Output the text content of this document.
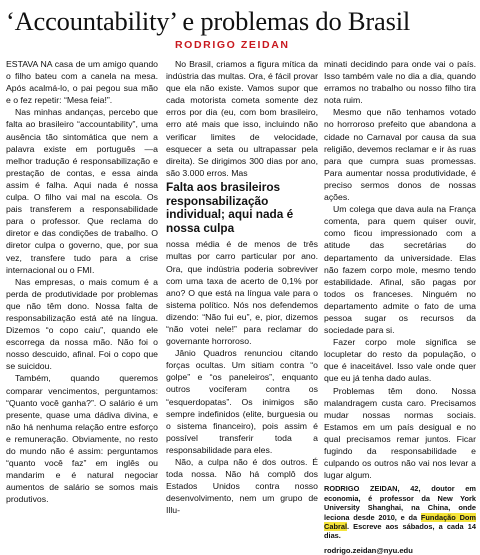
‘Accountability’ e problemas do Brasil
RODRIGO ZEIDAN

ESTAVA NA casa de um amigo quando o filho bateu com a canela na mesa. Após acalmá-lo, o pai pegou sua mão e o fez repetir: “Mesa feia!”.

Nas minhas andanças, percebo que falta ao brasileiro “accountability”, uma ausência tão sintomática que nem a palavra existe em português —a melhor tradução é responsabilização e prestação de contas, e essa ainda assim é falha. Aqui nada é nossa culpa. O filho vai mal na escola. Os pais transferem a responsabilidade para o professor. Que reclama do diretor e das condições de trabalho. O diretor culpa o governo, que, por sua vez, transfere tudo para a crise internacional ou o FMI.

Nas empresas, o mais comum é a perda de produtividade por problemas que não têm dono. Nossa falta de responsabilização está até na língua. Dizemos “o copo caiu”, quando ele escorrega da nossa mão. Não foi o nosso descuido, afinal. Foi o copo que se suicidou.

Também, quando queremos comparar vencimentos, perguntamos: “Quanto você ganha?”. O salário é um presente, quase uma dádiva divina, e não há nenhuma relação entre esforço e remuneração. Obviamente, no resto do mundo não é assim: perguntamos “quanto você faz” em inglês ou mandarim e é natural negociar aumentos de salário se somos mais produtivos.

No Brasil, criamos a figura mítica da indústria das multas. Ora, é fácil provar que ela não existe. Vamos supor que cada motorista cometa somente dez erros por dia (eu, com bom brasileiro, erro até mais que isso, incluindo não verificar limites de velocidade, esquecer a seta ou ultrapassar pela direita). Se dirigimos 300 dias por ano, são 3.000 erros. Mas

Falta aos brasileiros responsabilização individual; aqui nada é nossa culpa

nossa média é de menos de três multas por carro particular por ano. Ora, que indústria poderia sobreviver com uma taxa de acerto de 0,1% por ano? O que está na língua vale para o sistema político. Nós nos defendemos dizendo: “Não fui eu”, e, pior, dizemos “não votei nele!” para reclamar do governante horroroso.

Jânio Quadros renunciou citando forças ocultas. Um sitiam contra “o golpe” e “os paneleiros”, enquanto outros vociferam contra os “esquerdopatas”. Os inimigos são sempre indefinidos (elite, burguesia ou o sistema financeiro), pois assim é possível transferir toda a responsabilidade para eles.

Não, a culpa não é dos outros. É toda nossa. Não há complô dos Estados Unidos contra nosso desenvolvimento, nem um grupo de Illu-

minati decidindo para onde vai o país. Isso também vale no dia a dia, quando erramos no trabalho ou nosso filho tira nota ruim.

Mesmo que não tenhamos votado no horroroso prefeito que abandona a cidade no Carnaval por causa da sua religião, devemos reclamar e ir às ruas para que cumpra suas promessas. Para aumentar nossa produtividade, é preciso sermos donos de nossas ações.

Um colega que dava aula na França comenta, para quem quiser ouvir, como ficou impressionado com a atitude das secretárias do departamento da universidade. Elas não fazem corpo mole, mesmo tendo estabilidade. Afinal, são pagas por todos os franceses. Ninguém no departamento admite o fato de uma pessoa sugar os recursos da sociedade para si.

Fazer corpo mole significa se locupletar do resto da população, o que é inaceitável. Isso vale onde quer que eu já tenha dado aulas.

Problemas têm dono. Nossa malandragem custa caro. Precisamos mudar nossas normas sociais. Estamos em um país desigual e no qual precisamos remar juntos. Ficar fugindo da responsabilidade e culpando os outros não vai nos levar a lugar algum.

RODRIGO ZEIDAN, 42, doutor em economia, é professor da New York University Shanghai, na China, onde leciona desde 2010, e da Fundação Dom Cabral. Escreve aos sábados, a cada 14 dias.
rodrigo.zeidan@nyu.edu
